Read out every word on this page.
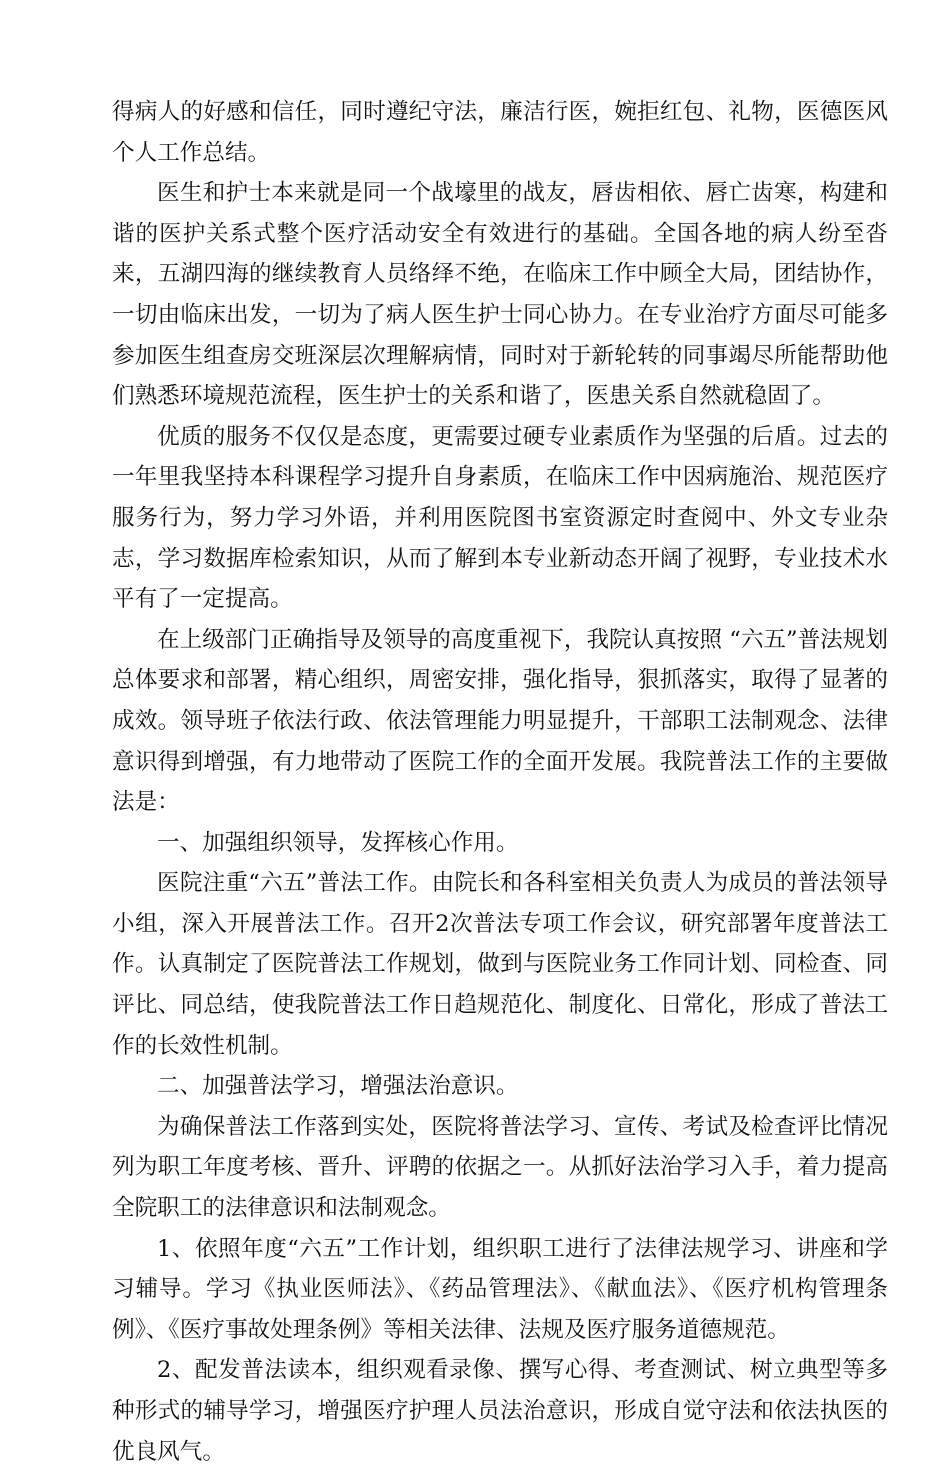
得病人的好感和信任，同时遵纪守法，廉洁行医，婉拒红包、礼物，医德医风个人工作总结。

医生和护士本来就是同一个战壕里的战友，唇齿相依、唇亡齿寒，构建和谐的医护关系式整个医疗活动安全有效进行的基础。全国各地的病人纷至沓来，五湖四海的继续教育人员络绎不绝，在临床工作中顾全大局，团结协作，一切由临床出发，一切为了病人医生护士同心协力。在专业治疗方面尽可能多参加医生组查房交班深层次理解病情，同时对于新轮转的同事竭尽所能帮助他们熟悉环境规范流程，医生护士的关系和谐了，医患关系自然就稳固了。

优质的服务不仅仅是态度，更需要过硬专业素质作为坚强的后盾。过去的一年里我坚持本科课程学习提升自身素质，在临床工作中因病施治、规范医疗服务行为，努力学习外语，并利用医院图书室资源定时查阅中、外文专业杂志，学习数据库检索知识，从而了解到本专业新动态开阔了视野，专业技术水平有了一定提高。

在上级部门正确指导及领导的高度重视下，我院认真按照 “六五”普法规划总体要求和部署，精心组织，周密安排，强化指导，狠抓落实，取得了显著的成效。领导班子依法行政、依法管理能力明显提升，干部职工法制观念、法律意识得到增强，有力地带动了医院工作的全面开发展。我院普法工作的主要做法是：

一、加强组织领导，发挥核心作用。

医院注重“六五”普法工作。由院长和各科室相关负责人为成员的普法领导小组，深入开展普法工作。召开2次普法专项工作会议，研究部署年度普法工作。认真制定了医院普法工作规划，做到与医院业务工作同计划、同检查、同评比、同总结，使我院普法工作日趋规范化、制度化、日常化，形成了普法工作的长效性机制。

二、加强普法学习，增强法治意识。

为确保普法工作落到实处，医院将普法学习、宣传、考试及检查评比情况列为职工年度考核、晋升、评聘的依据之一。从抓好法治学习入手，着力提高全院职工的法律意识和法制观念。

1、依照年度“六五”工作计划，组织职工进行了法律法规学习、讲座和学习辅导。学习《执业医师法》、《药品管理法》、《献血法》、《医疗机构管理条例》、《医疗事故处理条例》等相关法律、法规及医疗服务道德规范。

2、配发普法读本，组织观看录像、撰写心得、考查测试、树立典型等多种形式的辅导学习，增强医疗护理人员法治意识，形成自觉守法和依法执医的优良风气。
